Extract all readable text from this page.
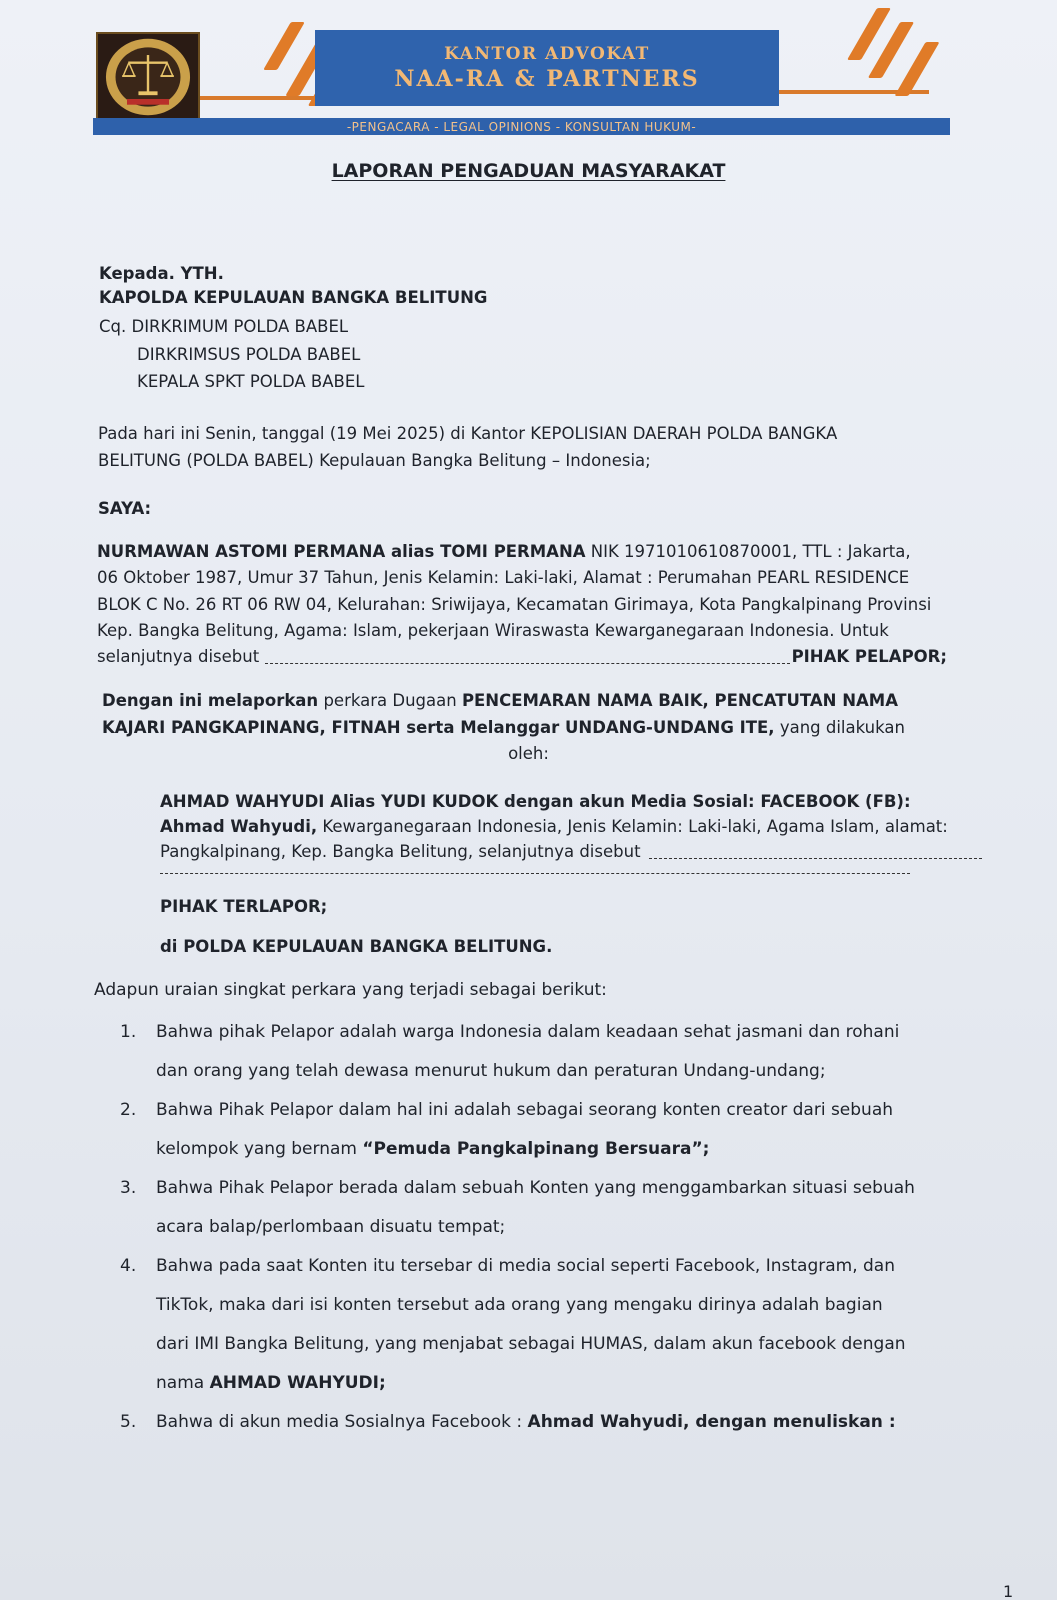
KANTOR ADVOKAT
NAA-RA & PARTNERS
-PENGACARA - LEGAL OPINIONS - KONSULTAN HUKUM-
LAPORAN PENGADUAN MASYARAKAT
Kepada. YTH.
KAPOLDA KEPULAUAN BANGKA BELITUNG
Cq. DIRKRIMUM POLDA BABEL
DIRKRIMSUS POLDA BABEL
KEPALA SPKT POLDA BABEL
Pada hari ini Senin, tanggal (19 Mei 2025) di Kantor KEPOLISIAN DAERAH POLDA BANGKA
BELITUNG (POLDA BABEL) Kepulauan Bangka Belitung – Indonesia;
SAYA:
NURMAWAN ASTOMI PERMANA alias TOMI PERMANA NIK 1971010610870001, TTL : Jakarta,
06 Oktober 1987, Umur 37 Tahun, Jenis Kelamin: Laki-laki, Alamat : Perumahan PEARL RESIDENCE
BLOK C No. 26 RT 06 RW 04, Kelurahan: Sriwijaya, Kecamatan Girimaya, Kota Pangkalpinang Provinsi
Kep. Bangka Belitung, Agama: Islam, pekerjaan Wiraswasta Kewarganegaraan Indonesia. Untuk
selanjutnya disebut	PIHAK PELAPOR;
Dengan ini melaporkan perkara Dugaan PENCEMARAN NAMA BAIK, PENCATUTAN NAMA
KAJARI PANGKAPINANG, FITNAH serta Melanggar UNDANG-UNDANG ITE, yang dilakukan
oleh:
AHMAD WAHYUDI Alias YUDI KUDOK dengan akun Media Sosial: FACEBOOK (FB):
Ahmad Wahyudi, Kewarganegaraan Indonesia, Jenis Kelamin: Laki-laki, Agama Islam, alamat:
Pangkalpinang, Kep. Bangka Belitung, selanjutnya disebut
PIHAK TERLAPOR;
di POLDA KEPULAUAN BANGKA BELITUNG.
Adapun uraian singkat perkara yang terjadi sebagai berikut:
1. Bahwa pihak Pelapor adalah warga Indonesia dalam keadaan sehat jasmani dan rohani
dan orang yang telah dewasa menurut hukum dan peraturan Undang-undang;
2. Bahwa Pihak Pelapor dalam hal ini adalah sebagai seorang konten creator dari sebuah
kelompok yang bernam “Pemuda Pangkalpinang Bersuara”;
3. Bahwa Pihak Pelapor berada dalam sebuah Konten yang menggambarkan situasi sebuah
acara balap/perlombaan disuatu tempat;
4. Bahwa pada saat Konten itu tersebar di media social seperti Facebook, Instagram, dan
TikTok, maka dari isi konten tersebut ada orang yang mengaku dirinya adalah bagian
dari IMI Bangka Belitung, yang menjabat sebagai HUMAS, dalam akun facebook dengan
nama AHMAD WAHYUDI;
5. Bahwa di akun media Sosialnya Facebook : Ahmad Wahyudi, dengan menuliskan :
1
